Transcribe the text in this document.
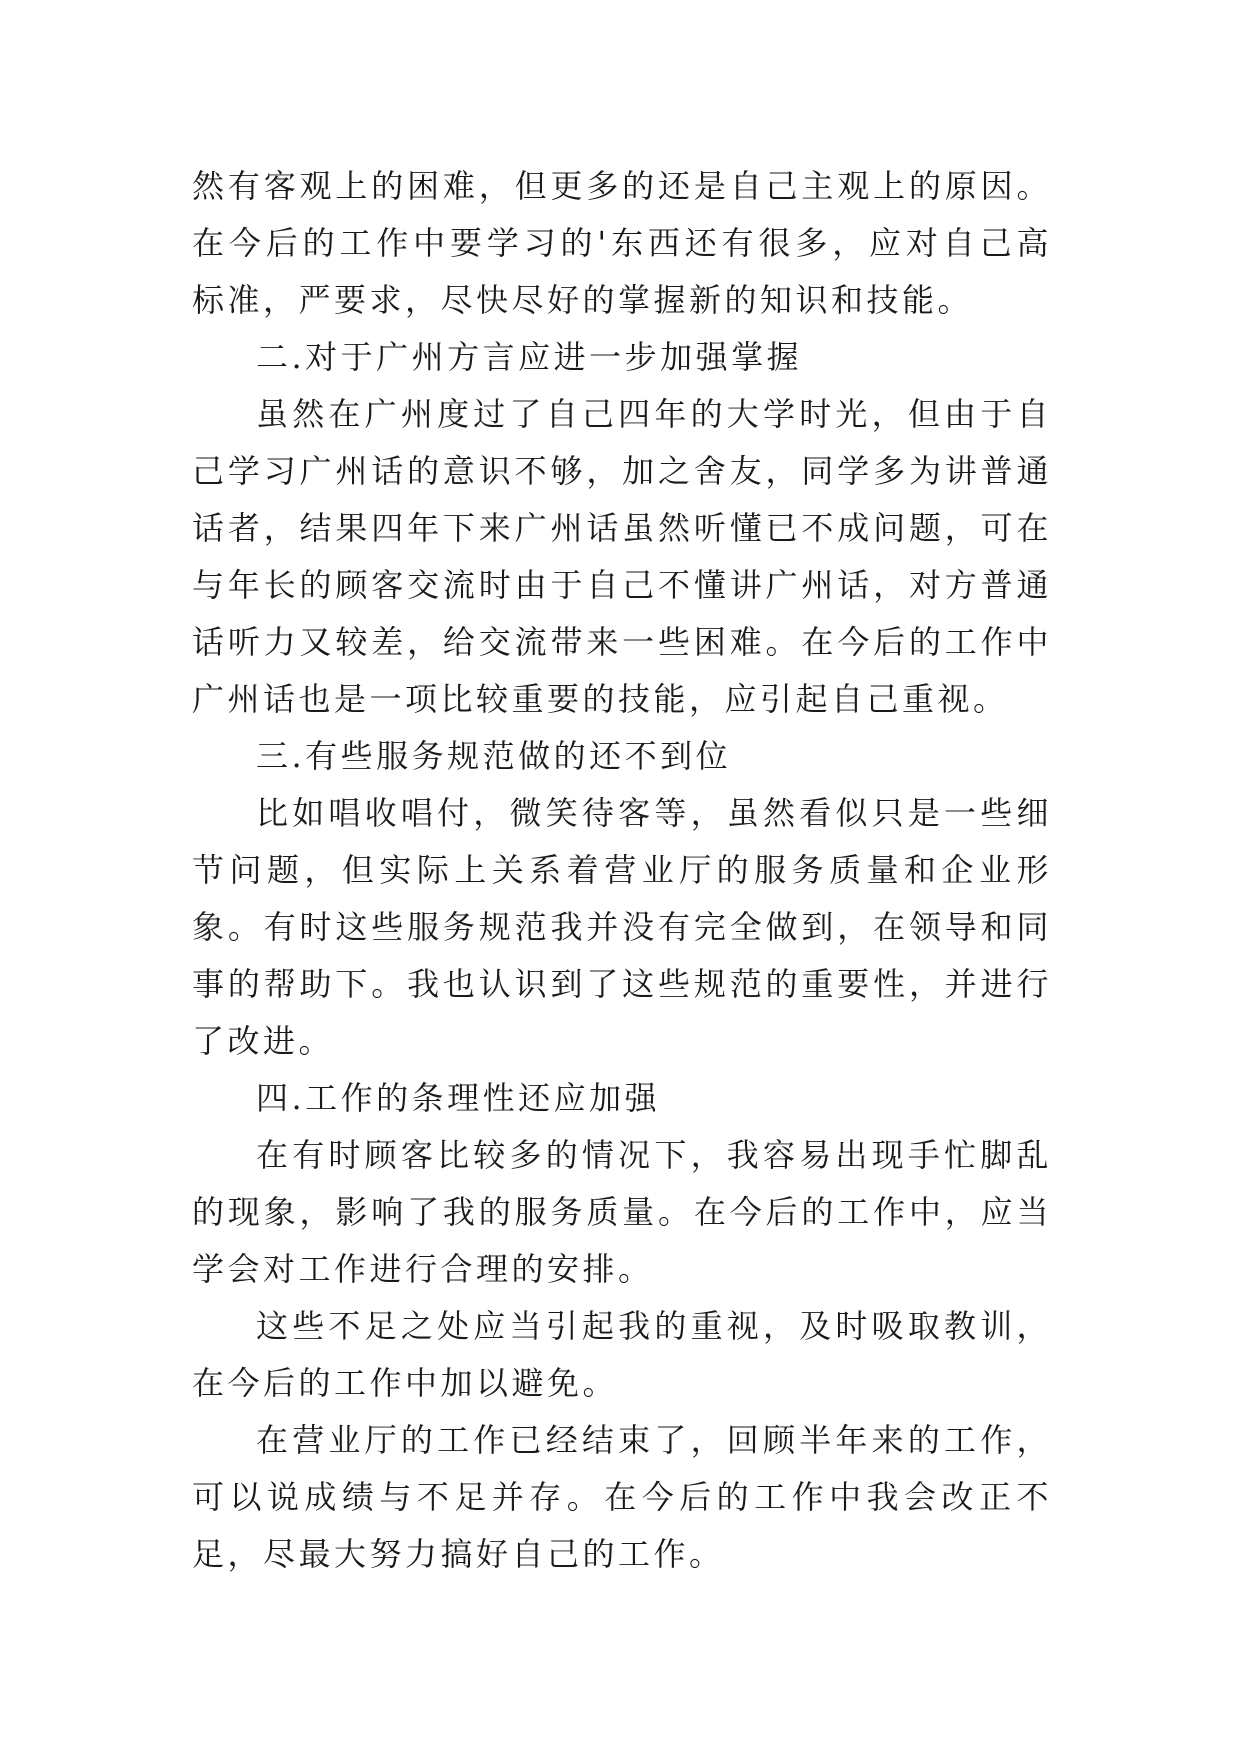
然有客观上的困难，但更多的还是自己主观上的原因。在今后的工作中要学习的'东西还有很多，应对自己高标准，严要求，尽快尽好的掌握新的知识和技能。

二.对于广州方言应进一步加强掌握

虽然在广州度过了自己四年的大学时光，但由于自己学习广州话的意识不够，加之舍友，同学多为讲普通话者，结果四年下来广州话虽然听懂已不成问题，可在与年长的顾客交流时由于自己不懂讲广州话，对方普通话听力又较差，给交流带来一些困难。在今后的工作中广州话也是一项比较重要的技能，应引起自己重视。

三.有些服务规范做的还不到位

比如唱收唱付，微笑待客等，虽然看似只是一些细节问题，但实际上关系着营业厅的服务质量和企业形象。有时这些服务规范我并没有完全做到，在领导和同事的帮助下。我也认识到了这些规范的重要性，并进行了改进。

四.工作的条理性还应加强

在有时顾客比较多的情况下，我容易出现手忙脚乱的现象，影响了我的服务质量。在今后的工作中，应当学会对工作进行合理的安排。

这些不足之处应当引起我的重视，及时吸取教训，在今后的工作中加以避免。

在营业厅的工作已经结束了，回顾半年来的工作，可以说成绩与不足并存。在今后的工作中我会改正不足，尽最大努力搞好自己的工作。
